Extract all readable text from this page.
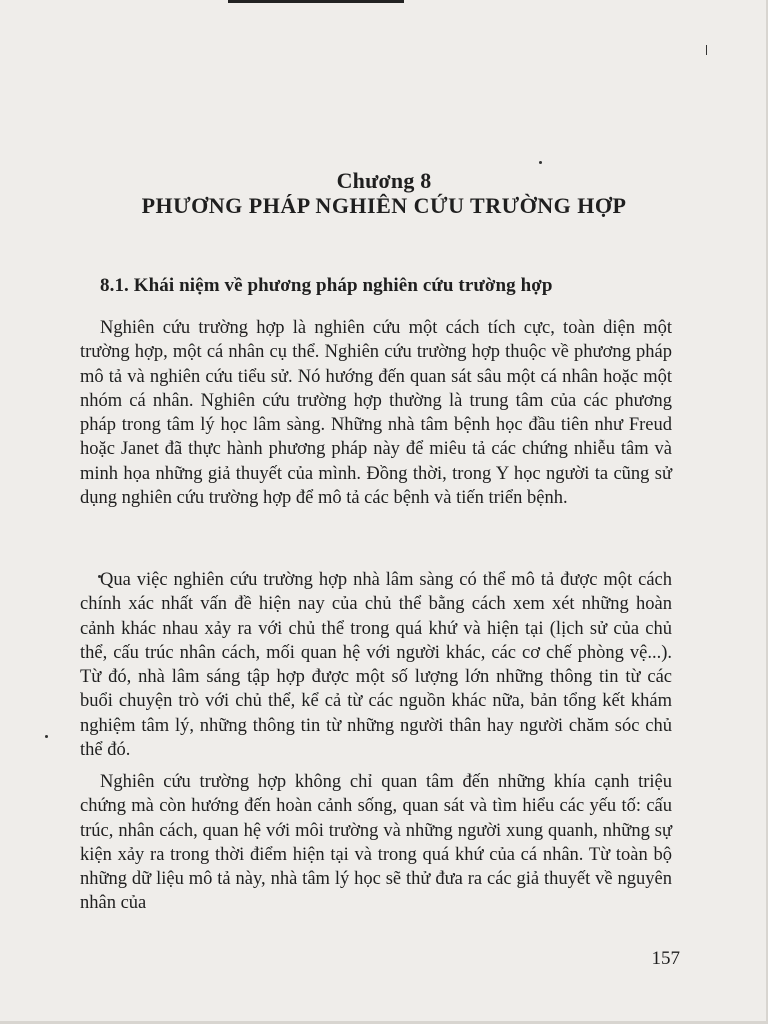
Chương 8
PHƯƠNG PHÁP NGHIÊN CỨU TRƯỜNG HỢP
8.1. Khái niệm về phương pháp nghiên cứu trường hợp

Nghiên cứu trường hợp là nghiên cứu một cách tích cực, toàn diện một trường hợp, một cá nhân cụ thể. Nghiên cứu trường hợp thuộc về phương pháp mô tả và nghiên cứu tiểu sử. Nó hướng đến quan sát sâu một cá nhân hoặc một nhóm cá nhân. Nghiên cứu trường hợp thường là trung tâm của các phương pháp trong tâm lý học lâm sàng. Những nhà tâm bệnh học đầu tiên như Freud hoặc Janet đã thực hành phương pháp này để miêu tả các chứng nhiễu tâm và minh họa những giả thuyết của mình. Đồng thời, trong Y học người ta cũng sử dụng nghiên cứu trường hợp để mô tả các bệnh và tiến triển bệnh.

Qua việc nghiên cứu trường hợp nhà lâm sàng có thể mô tả được một cách chính xác nhất vấn đề hiện nay của chủ thể bằng cách xem xét những hoàn cảnh khác nhau xảy ra với chủ thể trong quá khứ và hiện tại (lịch sử của chủ thể, cấu trúc nhân cách, mối quan hệ với người khác, các cơ chế phòng vệ...). Từ đó, nhà lâm sáng tập hợp được một số lượng lớn những thông tin từ các buổi chuyện trò với chủ thể, kể cả từ các nguồn khác nữa, bản tổng kết khám nghiệm tâm lý, những thông tin từ những người thân hay người chăm sóc chủ thể đó.

Nghiên cứu trường hợp không chỉ quan tâm đến những khía cạnh triệu chứng mà còn hướng đến hoàn cảnh sống, quan sát và tìm hiểu các yếu tố: cấu trúc, nhân cách, quan hệ với môi trường và những người xung quanh, những sự kiện xảy ra trong thời điểm hiện tại và trong quá khứ của cá nhân. Từ toàn bộ những dữ liệu mô tả này, nhà tâm lý học sẽ thử đưa ra các giả thuyết về nguyên nhân của

157
